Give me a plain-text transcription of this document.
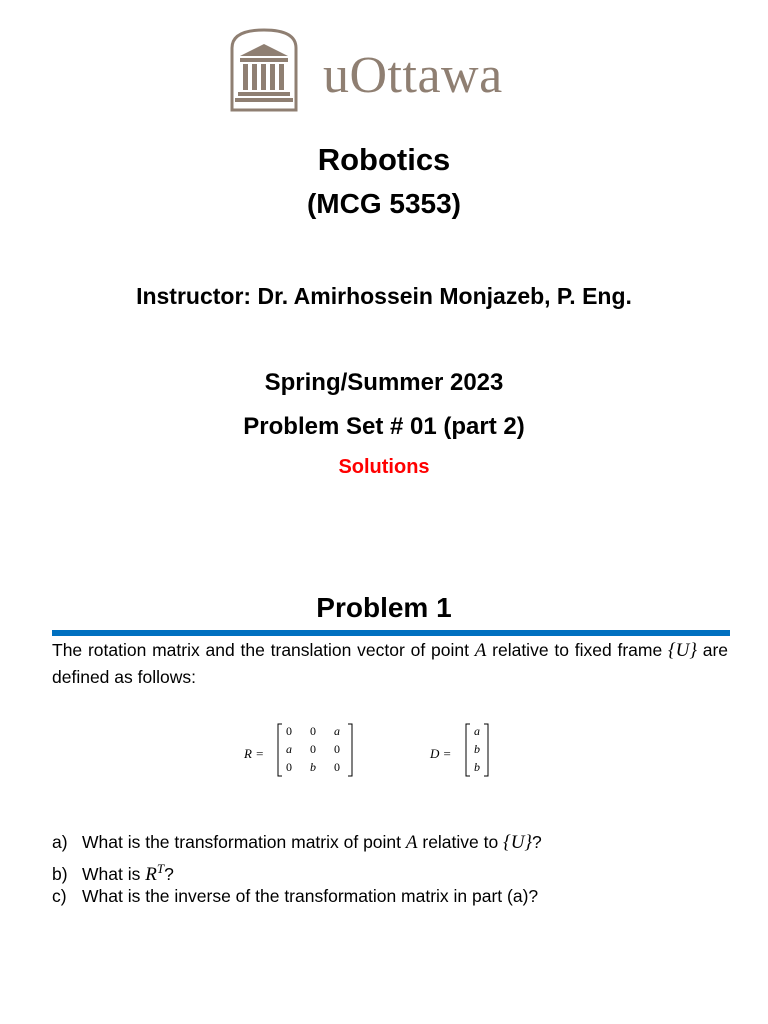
uOttawa
Robotics
(MCG 5353)
Instructor: Dr. Amirhossein Monjazeb, P. Eng.
Spring/Summer 2023
Problem Set # 01 (part 2)
Solutions
Problem 1
The rotation matrix and the translation vector of point A relative to fixed frame {U} are defined as follows:
R =
0	0	a
a	0	0
0	b	0
D =
a
b
b
a) What is the transformation matrix of point A relative to {U}?
b) What is $R^T$?
c) What is the inverse of the transformation matrix in part (a)?
